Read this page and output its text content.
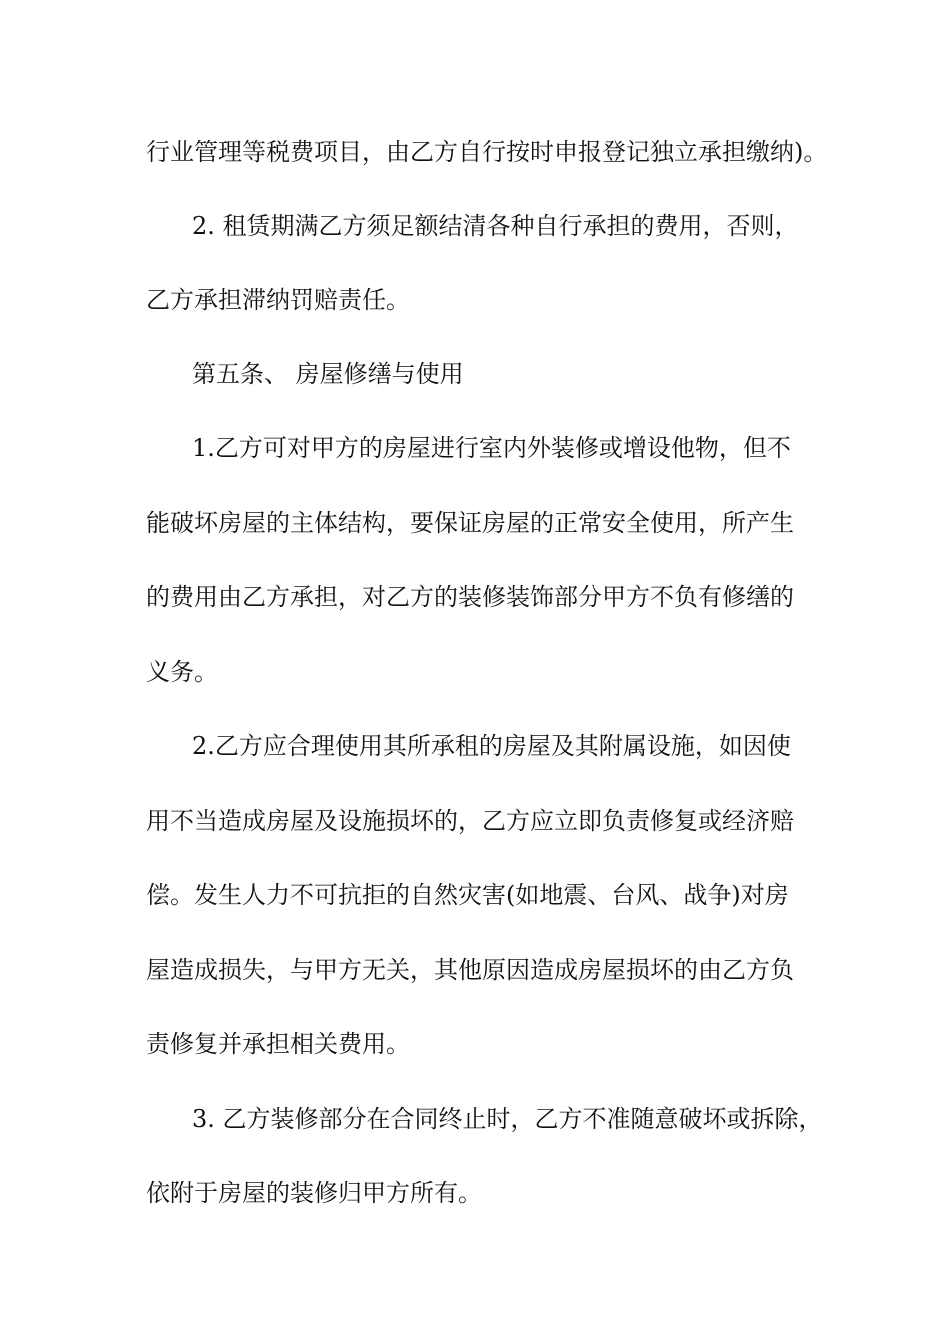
行业管理等税费项目，由乙方自行按时申报登记独立承担缴纳)。
2. 租赁期满乙方须足额结清各种自行承担的费用，否则，
乙方承担滞纳罚赔责任。
第五条、 房屋修缮与使用
1.乙方可对甲方的房屋进行室内外装修或增设他物，但不
能破坏房屋的主体结构，要保证房屋的正常安全使用，所产生
的费用由乙方承担，对乙方的装修装饰部分甲方不负有修缮的
义务。
2.乙方应合理使用其所承租的房屋及其附属设施，如因使
用不当造成房屋及设施损坏的，乙方应立即负责修复或经济赔
偿。发生人力不可抗拒的自然灾害(如地震、台风、战争)对房
屋造成损失，与甲方无关，其他原因造成房屋损坏的由乙方负
责修复并承担相关费用。
3. 乙方装修部分在合同终止时，乙方不准随意破坏或拆除，
依附于房屋的装修归甲方所有。
